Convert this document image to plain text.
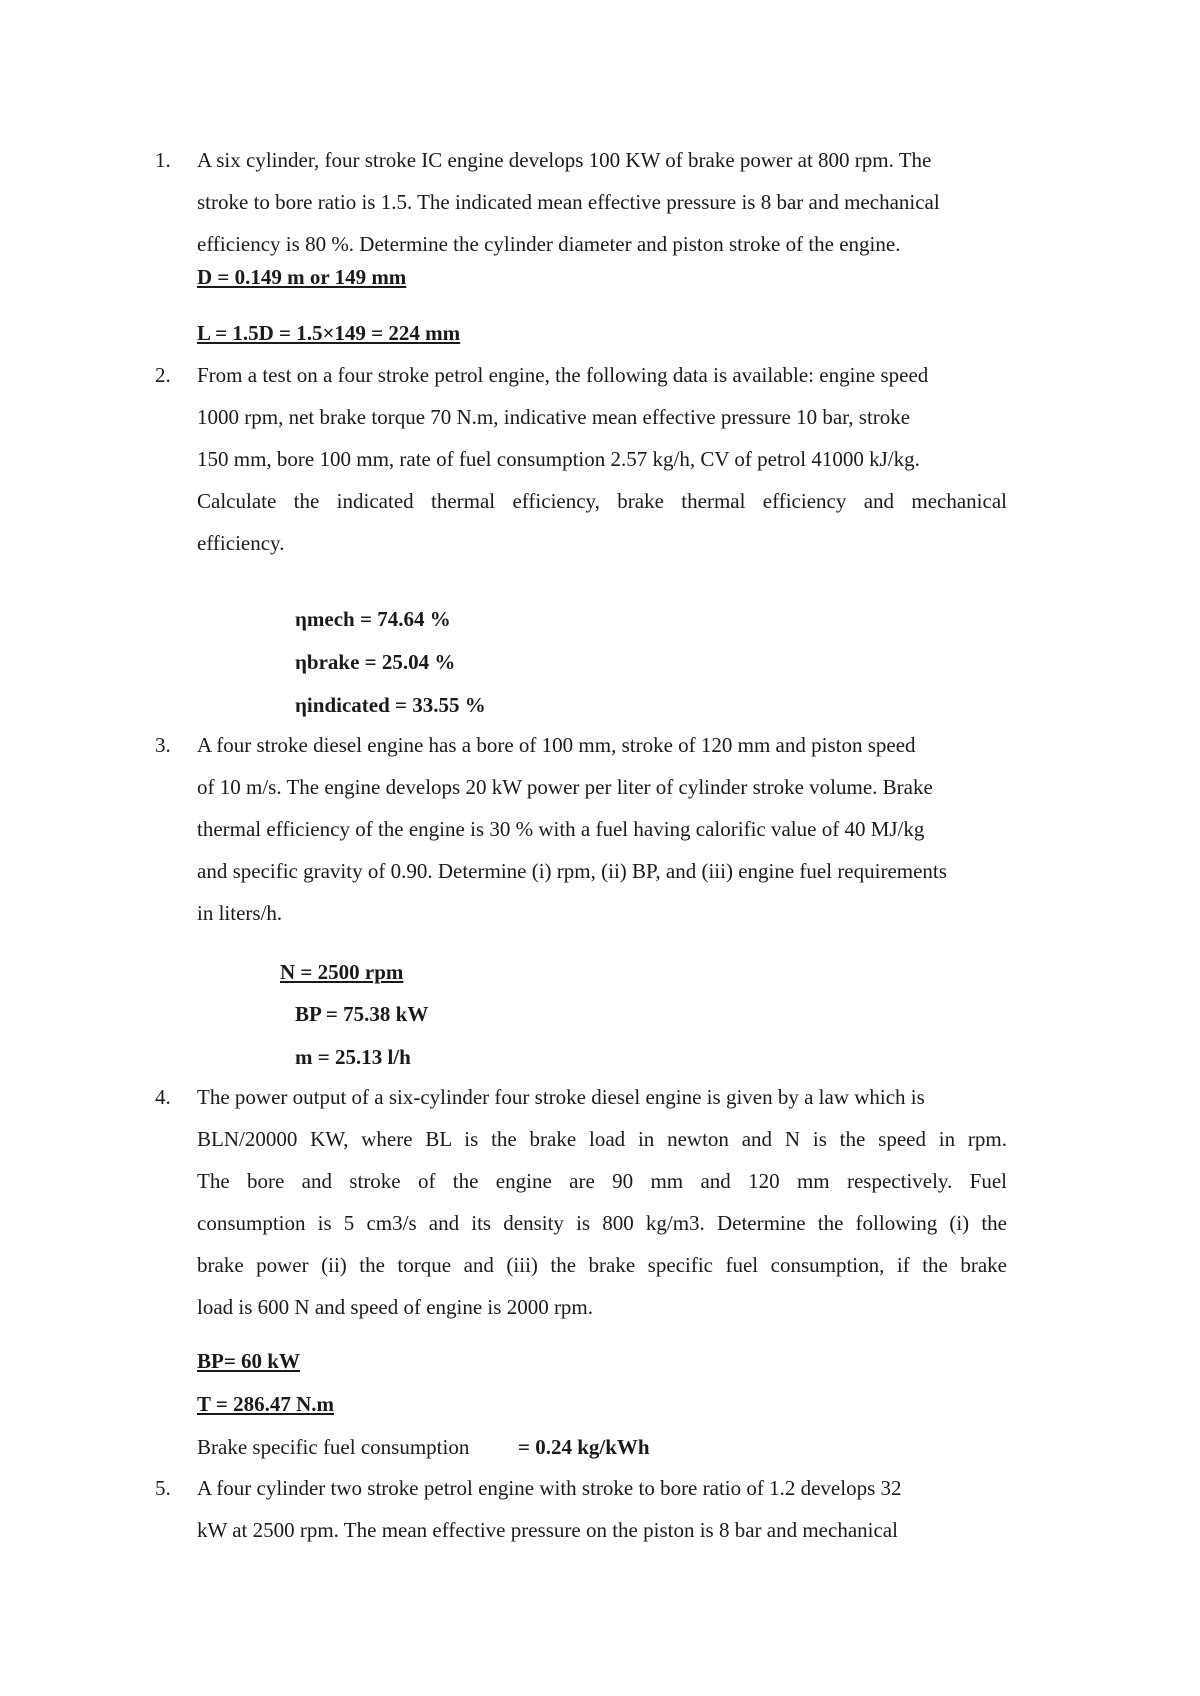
1.	A six cylinder, four stroke IC engine develops 100 KW of brake power at 800 rpm. The
stroke to bore ratio is 1.5. The indicated mean effective pressure is 8 bar and mechanical
efficiency is 80 %. Determine the cylinder diameter and piston stroke of the engine.
D = 0.149 m or 149 mm
L = 1.5D = 1.5×149 = 224 mm
2.	From a test on a four stroke petrol engine, the following data is available: engine speed
1000 rpm, net brake torque 70 N.m, indicative mean effective pressure 10 bar, stroke
150 mm, bore 100 mm, rate of fuel consumption 2.57 kg/h, CV of petrol 41000 kJ/kg.
Calculate the indicated thermal efficiency, brake thermal efficiency and mechanical
efficiency.
ηmech = 74.64 %
ηbrake = 25.04 %
ηindicated = 33.55 %
3.	A four stroke diesel engine has a bore of 100 mm, stroke of 120 mm and piston speed
of 10 m/s. The engine develops 20 kW power per liter of cylinder stroke volume. Brake
thermal efficiency of the engine is 30 % with a fuel having calorific value of 40 MJ/kg
and specific gravity of 0.90. Determine (i) rpm, (ii) BP, and (iii) engine fuel requirements
in liters/h.
N = 2500 rpm
BP = 75.38 kW
m = 25.13 l/h
4.	The power output of a six-cylinder four stroke diesel engine is given by a law which is
BLN/20000 KW, where BL is the brake load in newton and N is the speed in rpm.
The bore and stroke of the engine are 90 mm and 120 mm respectively. Fuel
consumption is 5 cm3/s and its density is 800 kg/m3. Determine the following (i) the
brake power (ii) the torque and (iii) the brake specific fuel consumption, if the brake
load is 600 N and speed of engine is 2000 rpm.
BP= 60 kW
T = 286.47 N.m
Brake specific fuel consumption = 0.24 kg/kWh
5.	A four cylinder two stroke petrol engine with stroke to bore ratio of 1.2 develops 32
kW at 2500 rpm. The mean effective pressure on the piston is 8 bar and mechanical
